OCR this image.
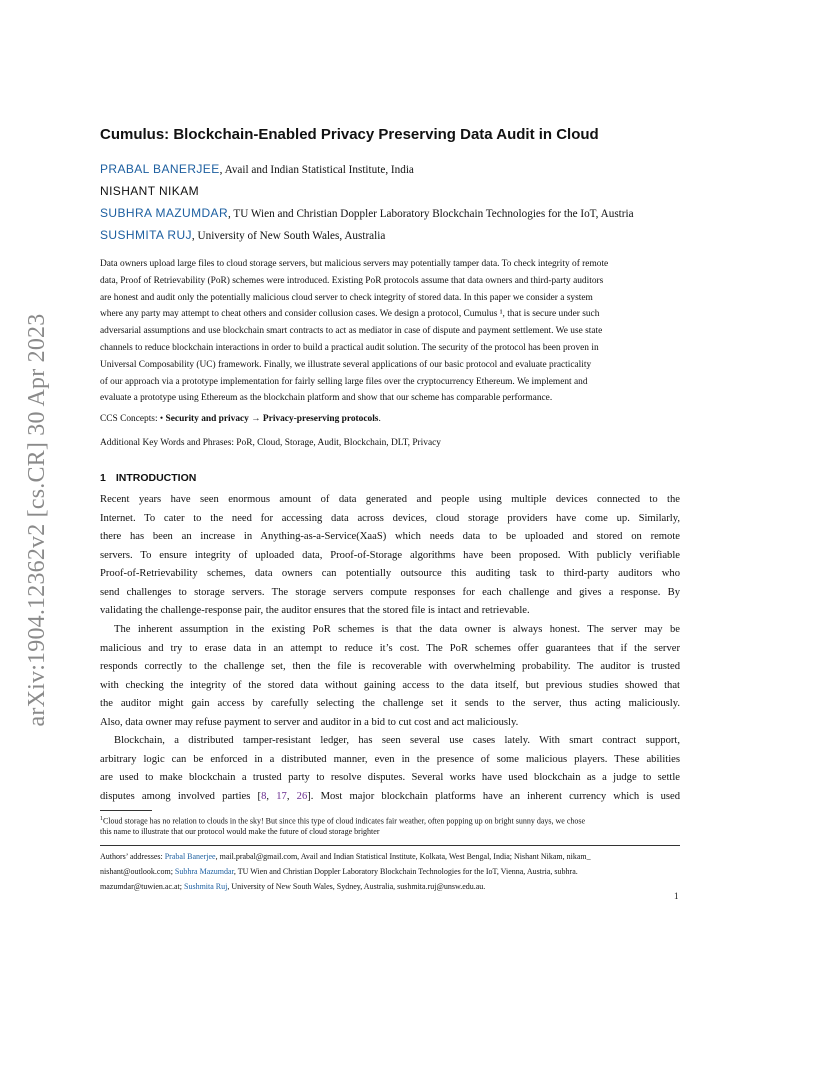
arXiv:1904.12362v2 [cs.CR] 30 Apr 2023
Cumulus: Blockchain-Enabled Privacy Preserving Data Audit in Cloud
PRABAL BANERJEE, Avail and Indian Statistical Institute, India
NISHANT NIKAM
SUBHRA MAZUMDAR, TU Wien and Christian Doppler Laboratory Blockchain Technologies for the IoT, Austria
SUSHMITA RUJ, University of New South Wales, Australia
Data owners upload large files to cloud storage servers, but malicious servers may potentially tamper data. To check integrity of remote
data, Proof of Retrievability (PoR) schemes were introduced. Existing PoR protocols assume that data owners and third-party auditors
are honest and audit only the potentially malicious cloud server to check integrity of stored data. In this paper we consider a system
where any party may attempt to cheat others and consider collusion cases. We design a protocol, Cumulus ¹, that is secure under such
adversarial assumptions and use blockchain smart contracts to act as mediator in case of dispute and payment settlement. We use state
channels to reduce blockchain interactions in order to build a practical audit solution. The security of the protocol has been proven in
Universal Composability (UC) framework. Finally, we illustrate several applications of our basic protocol and evaluate practicality
of our approach via a prototype implementation for fairly selling large files over the cryptocurrency Ethereum. We implement and
evaluate a prototype using Ethereum as the blockchain platform and show that our scheme has comparable performance.
CCS Concepts: • Security and privacy → Privacy-preserving protocols.
Additional Key Words and Phrases: PoR, Cloud, Storage, Audit, Blockchain, DLT, Privacy
1 INTRODUCTION
Recent years have seen enormous amount of data generated and people using multiple devices connected to the
Internet. To cater to the need for accessing data across devices, cloud storage providers have come up. Similarly,
there has been an increase in Anything-as-a-Service(XaaS) which needs data to be uploaded and stored on remote
servers. To ensure integrity of uploaded data, Proof-of-Storage algorithms have been proposed. With publicly verifiable
Proof-of-Retrievability schemes, data owners can potentially outsource this auditing task to third-party auditors who
send challenges to storage servers. The storage servers compute responses for each challenge and gives a response. By
validating the challenge-response pair, the auditor ensures that the stored file is intact and retrievable.
The inherent assumption in the existing PoR schemes is that the data owner is always honest. The server may be
malicious and try to erase data in an attempt to reduce it’s cost. The PoR schemes offer guarantees that if the server
responds correctly to the challenge set, then the file is recoverable with overwhelming probability. The auditor is trusted
with checking the integrity of the stored data without gaining access to the data itself, but previous studies showed that
the auditor might gain access by carefully selecting the challenge set it sends to the server, thus acting maliciously.
Also, data owner may refuse payment to server and auditor in a bid to cut cost and act maliciously.
Blockchain, a distributed tamper-resistant ledger, has seen several use cases lately. With smart contract support,
arbitrary logic can be enforced in a distributed manner, even in the presence of some malicious players. These abilities
are used to make blockchain a trusted party to resolve disputes. Several works have used blockchain as a judge to settle
disputes among involved parties [8, 17, 26]. Most major blockchain platforms have an inherent currency which is used
$^1$Cloud storage has no relation to clouds in the sky! But since this type of cloud indicates fair weather, often popping up on bright sunny days, we chose
this name to illustrate that our protocol would make the future of cloud storage brighter
Authors’ addresses: Prabal Banerjee, mail.prabal@gmail.com, Avail and Indian Statistical Institute, Kolkata, West Bengal, India; Nishant Nikam, nikam_
nishant@outlook.com; Subhra Mazumdar, TU Wien and Christian Doppler Laboratory Blockchain Technologies for the IoT, Vienna, Austria, subhra.
mazumdar@tuwien.ac.at; Sushmita Ruj, University of New South Wales, Sydney, Australia, sushmita.ruj@unsw.edu.au.
1
